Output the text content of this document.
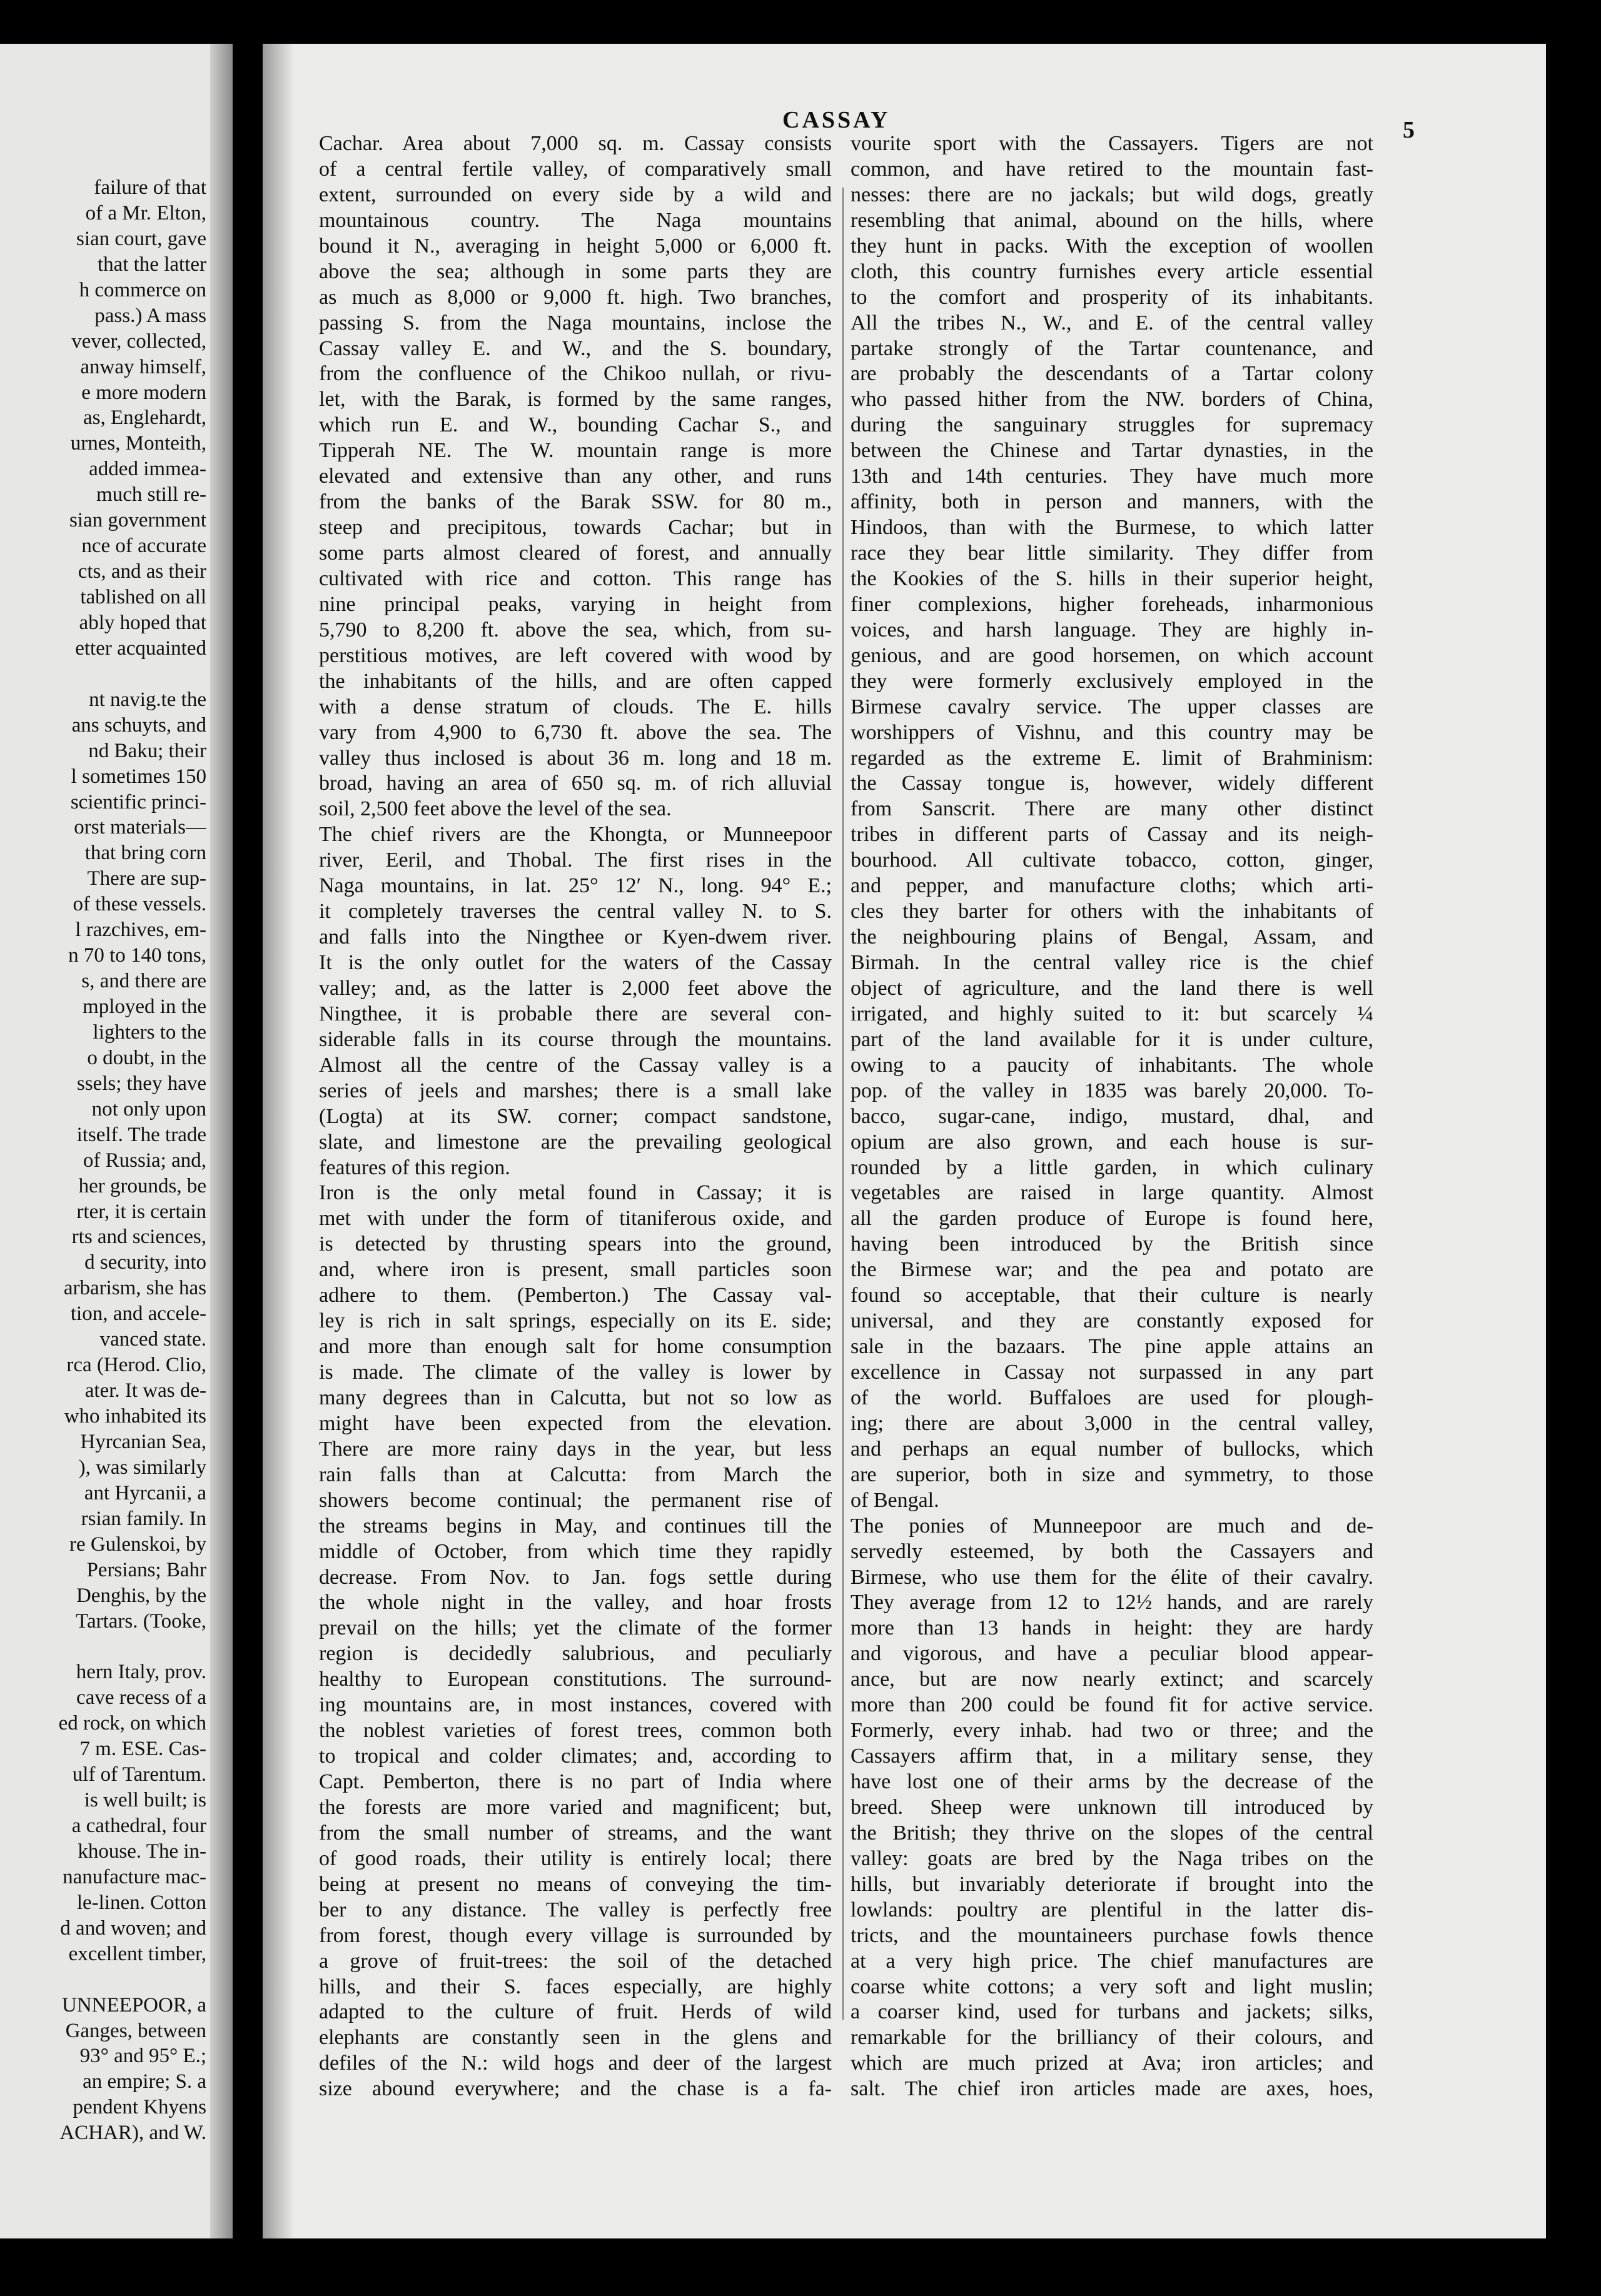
failure of that
of a Mr. Elton,
sian court, gave
that the latter
h commerce on
pass.) A mass
vever, collected,
anway himself,
e more modern
as, Englehardt,
urnes, Monteith,
added immea-
much still re-
sian government
nce of accurate
cts, and as their
tablished on all
ably hoped that
etter acquainted
nt navig.te the
ans schuyts, and
nd Baku; their
l sometimes 150
scientific princi-
orst materials—
that bring corn
There are sup-
of these vessels.
l razchives, em-
n 70 to 140 tons,
s, and there are
mployed in the
lighters to the
o doubt, in the
ssels; they have
not only upon
itself. The trade
of Russia; and,
her grounds, be
rter, it is certain
rts and sciences,
d security, into
arbarism, she has
tion, and accele-
vanced state.
rca (Herod. Clio,
ater. It was de-
who inhabited its
Hyrcanian Sea,
), was similarly
ant Hyrcanii, a
rsian family. In
re Gulenskoi, by
Persians; Bahr
Denghis, by the
Tartars. (Tooke,
hern Italy, prov.
cave recess of a
ed rock, on which
7 m. ESE. Cas-
ulf of Tarentum.
is well built; is
a cathedral, four
khouse. The in-
nanufacture mac-
le-linen. Cotton
d and woven; and
excellent timber,
UNNEEPOOR, a
Ganges, between
93° and 95° E.;
an empire; S. a
pendent Khyens
ACHAR), and W.
CASSAY	5
Cachar. Area about 7,000 sq. m. Cassay consists
of a central fertile valley, of comparatively small
extent, surrounded on every side by a wild and
mountainous country. The Naga mountains
bound it N., averaging in height 5,000 or 6,000 ft.
above the sea; although in some parts they are
as much as 8,000 or 9,000 ft. high. Two branches,
passing S. from the Naga mountains, inclose the
Cassay valley E. and W., and the S. boundary,
from the confluence of the Chikoo nullah, or rivu-
let, with the Barak, is formed by the same ranges,
which run E. and W., bounding Cachar S., and
Tipperah NE. The W. mountain range is more
elevated and extensive than any other, and runs
from the banks of the Barak SSW. for 80 m.,
steep and precipitous, towards Cachar; but in
some parts almost cleared of forest, and annually
cultivated with rice and cotton. This range has
nine principal peaks, varying in height from
5,790 to 8,200 ft. above the sea, which, from su-
perstitious motives, are left covered with wood by
the inhabitants of the hills, and are often capped
with a dense stratum of clouds. The E. hills
vary from 4,900 to 6,730 ft. above the sea. The
valley thus inclosed is about 36 m. long and 18 m.
broad, having an area of 650 sq. m. of rich alluvial
soil, 2,500 feet above the level of the sea.
The chief rivers are the Khongta, or Munneepoor
river, Eeril, and Thobal. The first rises in the
Naga mountains, in lat. 25° 12′ N., long. 94° E.;
it completely traverses the central valley N. to S.
and falls into the Ningthee or Kyen-dwem river.
It is the only outlet for the waters of the Cassay
valley; and, as the latter is 2,000 feet above the
Ningthee, it is probable there are several con-
siderable falls in its course through the mountains.
Almost all the centre of the Cassay valley is a
series of jeels and marshes; there is a small lake
(Logta) at its SW. corner; compact sandstone,
slate, and limestone are the prevailing geological
features of this region.
Iron is the only metal found in Cassay; it is
met with under the form of titaniferous oxide, and
is detected by thrusting spears into the ground,
and, where iron is present, small particles soon
adhere to them. (Pemberton.) The Cassay val-
ley is rich in salt springs, especially on its E. side;
and more than enough salt for home consumption
is made. The climate of the valley is lower by
many degrees than in Calcutta, but not so low as
might have been expected from the elevation.
There are more rainy days in the year, but less
rain falls than at Calcutta: from March the
showers become continual; the permanent rise of
the streams begins in May, and continues till the
middle of October, from which time they rapidly
decrease. From Nov. to Jan. fogs settle during
the whole night in the valley, and hoar frosts
prevail on the hills; yet the climate of the former
region is decidedly salubrious, and peculiarly
healthy to European constitutions. The surround-
ing mountains are, in most instances, covered with
the noblest varieties of forest trees, common both
to tropical and colder climates; and, according to
Capt. Pemberton, there is no part of India where
the forests are more varied and magnificent; but,
from the small number of streams, and the want
of good roads, their utility is entirely local; there
being at present no means of conveying the tim-
ber to any distance. The valley is perfectly free
from forest, though every village is surrounded by
a grove of fruit-trees: the soil of the detached
hills, and their S. faces especially, are highly
adapted to the culture of fruit. Herds of wild
elephants are constantly seen in the glens and
defiles of the N.: wild hogs and deer of the largest
size abound everywhere; and the chase is a fa-
vourite sport with the Cassayers. Tigers are not
common, and have retired to the mountain fast-
nesses: there are no jackals; but wild dogs, greatly
resembling that animal, abound on the hills, where
they hunt in packs. With the exception of woollen
cloth, this country furnishes every article essential
to the comfort and prosperity of its inhabitants.
All the tribes N., W., and E. of the central valley
partake strongly of the Tartar countenance, and
are probably the descendants of a Tartar colony
who passed hither from the NW. borders of China,
during the sanguinary struggles for supremacy
between the Chinese and Tartar dynasties, in the
13th and 14th centuries. They have much more
affinity, both in person and manners, with the
Hindoos, than with the Burmese, to which latter
race they bear little similarity. They differ from
the Kookies of the S. hills in their superior height,
finer complexions, higher foreheads, inharmonious
voices, and harsh language. They are highly in-
genious, and are good horsemen, on which account
they were formerly exclusively employed in the
Birmese cavalry service. The upper classes are
worshippers of Vishnu, and this country may be
regarded as the extreme E. limit of Brahminism:
the Cassay tongue is, however, widely different
from Sanscrit. There are many other distinct
tribes in different parts of Cassay and its neigh-
bourhood. All cultivate tobacco, cotton, ginger,
and pepper, and manufacture cloths; which arti-
cles they barter for others with the inhabitants of
the neighbouring plains of Bengal, Assam, and
Birmah. In the central valley rice is the chief
object of agriculture, and the land there is well
irrigated, and highly suited to it: but scarcely ¼
part of the land available for it is under culture,
owing to a paucity of inhabitants. The whole
pop. of the valley in 1835 was barely 20,000. To-
bacco, sugar-cane, indigo, mustard, dhal, and
opium are also grown, and each house is sur-
rounded by a little garden, in which culinary
vegetables are raised in large quantity. Almost
all the garden produce of Europe is found here,
having been introduced by the British since
the Birmese war; and the pea and potato are
found so acceptable, that their culture is nearly
universal, and they are constantly exposed for
sale in the bazaars. The pine apple attains an
excellence in Cassay not surpassed in any part
of the world. Buffaloes are used for plough-
ing; there are about 3,000 in the central valley,
and perhaps an equal number of bullocks, which
are superior, both in size and symmetry, to those
of Bengal.
The ponies of Munneepoor are much and de-
servedly esteemed, by both the Cassayers and
Birmese, who use them for the élite of their cavalry.
They average from 12 to 12½ hands, and are rarely
more than 13 hands in height: they are hardy
and vigorous, and have a peculiar blood appear-
ance, but are now nearly extinct; and scarcely
more than 200 could be found fit for active service.
Formerly, every inhab. had two or three; and the
Cassayers affirm that, in a military sense, they
have lost one of their arms by the decrease of the
breed. Sheep were unknown till introduced by
the British; they thrive on the slopes of the central
valley: goats are bred by the Naga tribes on the
hills, but invariably deteriorate if brought into the
lowlands: poultry are plentiful in the latter dis-
tricts, and the mountaineers purchase fowls thence
at a very high price. The chief manufactures are
coarse white cottons; a very soft and light muslin;
a coarser kind, used for turbans and jackets; silks,
remarkable for the brilliancy of their colours, and
which are much prized at Ava; iron articles; and
salt. The chief iron articles made are axes, hoes,
